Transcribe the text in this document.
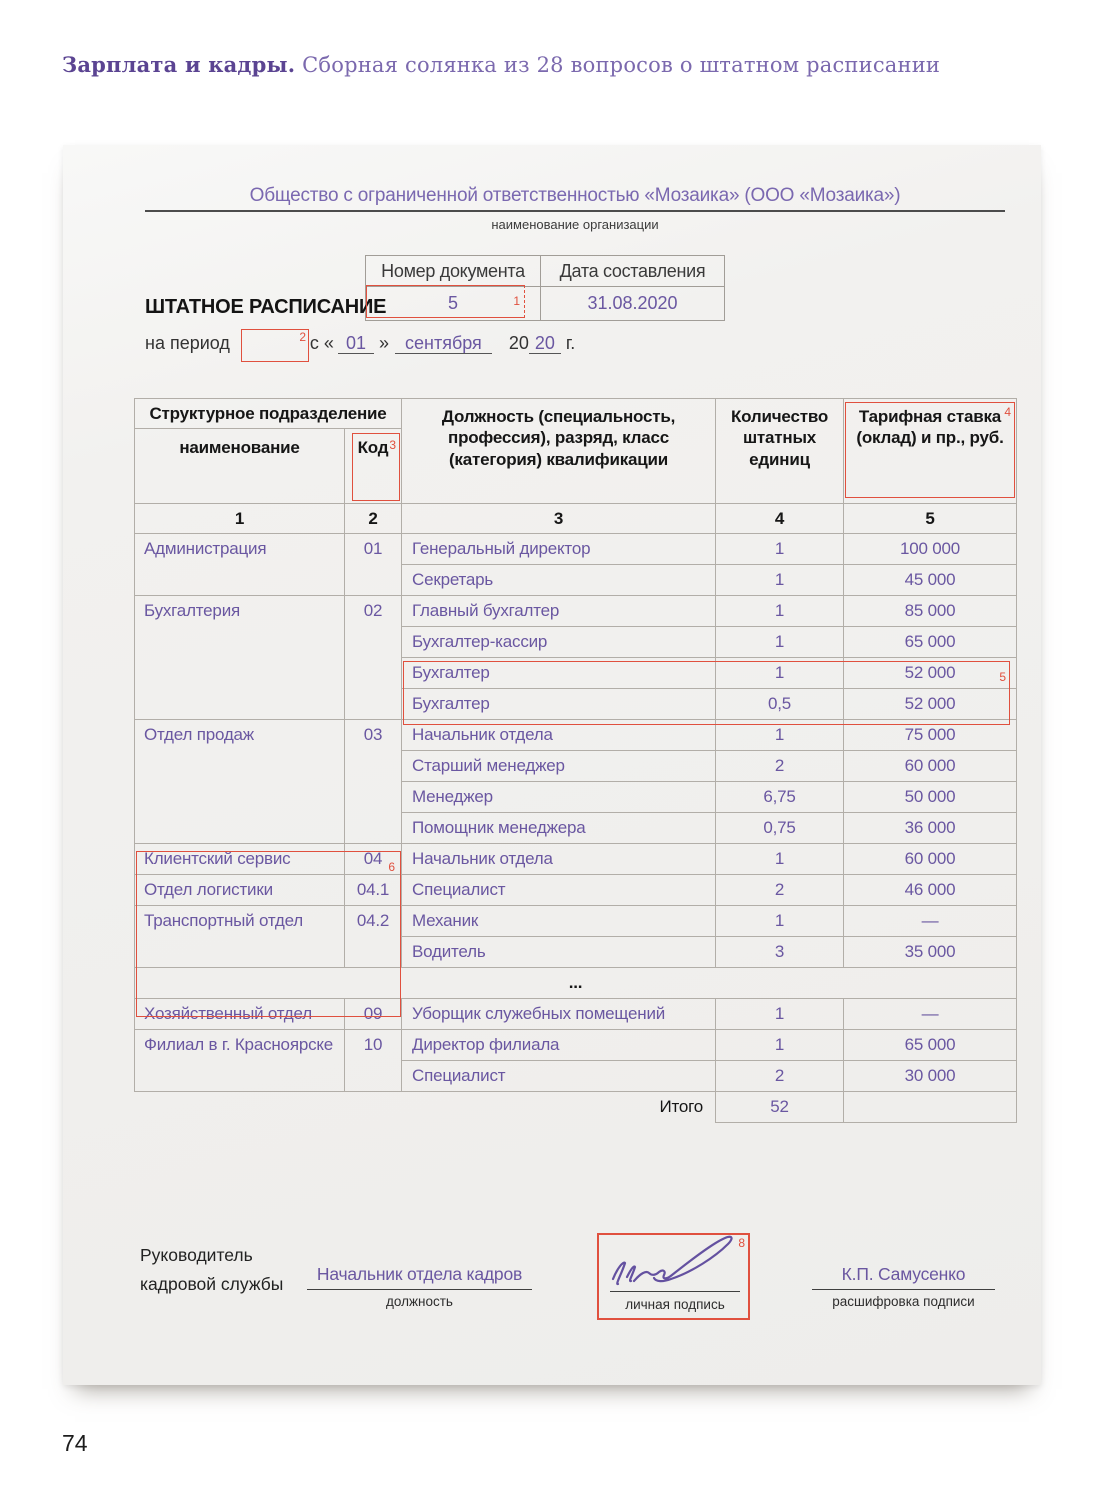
Зарплата и кадры. Сборная солянка из 28 вопросов о штатном расписании
Общество с ограниченной ответственностью «Мозаика» (ООО «Мозаика»)
наименование организации
Номер документа	Дата составления
5	31.08.2020
ШТАТНОЕ РАСПИСАНИЕ
на период	с « 01 » сентября 20 20 г.
Структурное подразделение		Должность (специальность, профессия), разряд, класс (категория) квалификации	Количество штатных единиц	Тарифная ставка (оклад) и пр., руб.
наименование	Код			
1	2	3	4	5
Администрация	01	Генеральный директор	1	100 000
		Секретарь	1	45 000
Бухгалтерия	02	Главный бухгалтер	1	85 000
		Бухгалтер-кассир	1	65 000
		Бухгалтер	1	52 000
		Бухгалтер	0,5	52 000
Отдел продаж	03	Начальник отдела	1	75 000
		Старший менеджер	2	60 000
		Менеджер	6,75	50 000
		Помощник менеджера	0,75	36 000
Клиентский сервис	04	Начальник отдела	1	60 000
Отдел логистики	04.1	Специалист	2	46 000
Транспортный отдел	04.2	Механик	1	—
		Водитель	3	35 000
...				
Хозяйственный отдел	09	Уборщик служебных помещений	1	—
Филиал в г. Красноярске	10	Директор филиала	1	65 000
		Специалист	2	30 000
Итого			52	
Руководитель
кадровой службы	Начальник отдела кадров
должность	личная подпись
К.П. Самусенко
расшифровка подписи
1
2
3
4
5
6
8
74
